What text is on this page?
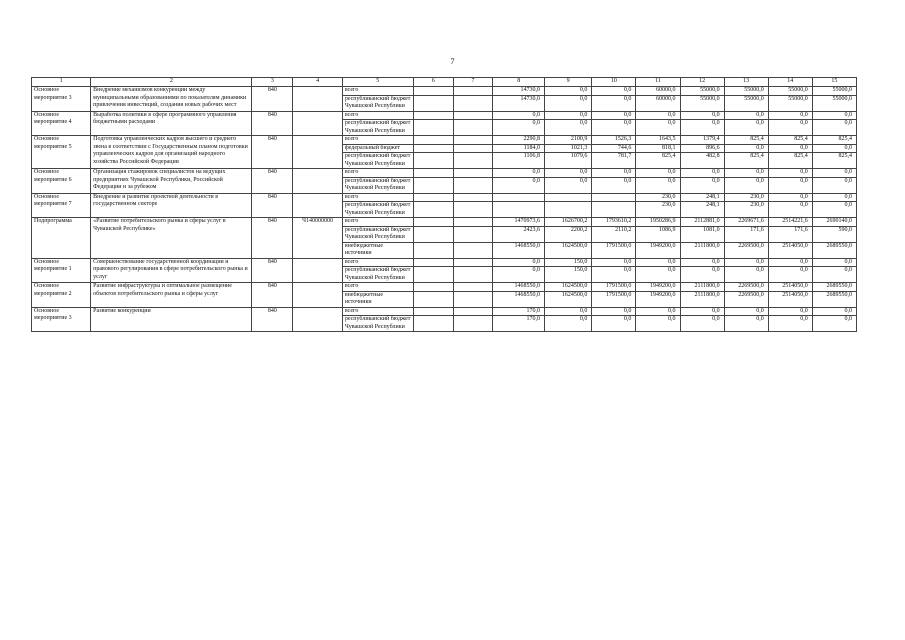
7
1	2	3	4	5	6	7	8	9	10	11	12	13	14	15
Основное мероприятие 3	Внедрение механизмов конкуренции между муниципальными образованиями по показателям динамики привлечения инвестиций, создания новых рабочих мест	840		всего			14730,0	0,0	0,0	60000,0	55000,0	55000,0	55000,0	55000,0
				республиканский бюджет Чувашской Республики			14730,0	0,0	0,0	60000,0	55000,0	55000,0	55000,0	55000,0
Основное мероприятие 4	Выработка политики в сфере программного управления бюджетными расходами	840		всего			0,0	0,0	0,0	0,0	0,0	0,0	0,0	0,0
				республиканский бюджет Чувашской Республики			0,0	0,0	0,0	0,0	0,0	0,0	0,0	0,0
Основное мероприятие 5	Подготовка управленческих кадров высшего и среднего звена в соответствии с Государственным планом подготовки управленческих кадров для организаций народного хозяйства Российской Федерации	840		всего			2290,8	2100,9	1526,3	1643,5	1379,4	825,4	825,4	825,4
				федеральный бюджет			1184,0	1021,3	744,6	818,1	896,6	0,0	0,0	0,0
				республиканский бюджет Чувашской Республики			1106,8	1079,6	781,7	825,4	482,8	825,4	825,4	825,4
Основное мероприятие 6	Организация стажировок специалистов на ведущих предприятиях Чувашской Республики, Российской Федерации и за рубежом	840		всего			0,0	0,0	0,0	0,0	0,0	0,0	0,0	0,0
				республиканский бюджет Чувашской Республики			0,0	0,0	0,0	0,0	0,0	0,0	0,0	0,0
Основное мероприятие 7	Внедрение и развитие проектной деятельности в государственном секторе	840		всего						230,0	248,1	230,0	0,0	0,0
				республиканский бюджет Чувашской Республики						230,0	248,1	230,0	0,0	0,0
Подпрограмма	«Развитие потребительского рынка и сферы услуг в Чувашской Республике»	840	Ч140000000	всего			1470973,6	1626700,2	1793610,2	1950286,9	2112881,0	2269671,6	2514221,6	2690140,0
				республиканский бюджет Чувашской Республики			2423,6	2200,2	2110,2	1086,9	1081,0	171,6	171,6	590,0
				внебюджетные источники			1468550,0	1624500,0	1791500,0	1949200,0	2111800,0	2269500,0	2514050,0	2689550,0
Основное мероприятие 1	Совершенствование государственной координации и правового регулирования в сфере потребительского рынка и услуг	840		всего			0,0	150,0	0,0	0,0	0,0	0,0	0,0	0,0
				республиканский бюджет Чувашской Республики			0,0	150,0	0,0	0,0	0,0	0,0	0,0	0,0
Основное мероприятие 2	Развитие инфраструктуры и оптимальное размещение объектов потребительского рынка и сферы услуг	840		всего			1468550,0	1624500,0	1791500,0	1949200,0	2111800,0	2269500,0	2514050,0	2689550,0
				внебюджетные источники			1468550,0	1624500,0	1791500,0	1949200,0	2111800,0	2269500,0	2514050,0	2689550,0
Основное мероприятие 3	Развитие конкуренции	840		всего			170,0	0,0	0,0	0,0	0,0	0,0	0,0	0,0
				республиканский бюджет Чувашской Республики			170,0	0,0	0,0	0,0	0,0	0,0	0,0	0,0
